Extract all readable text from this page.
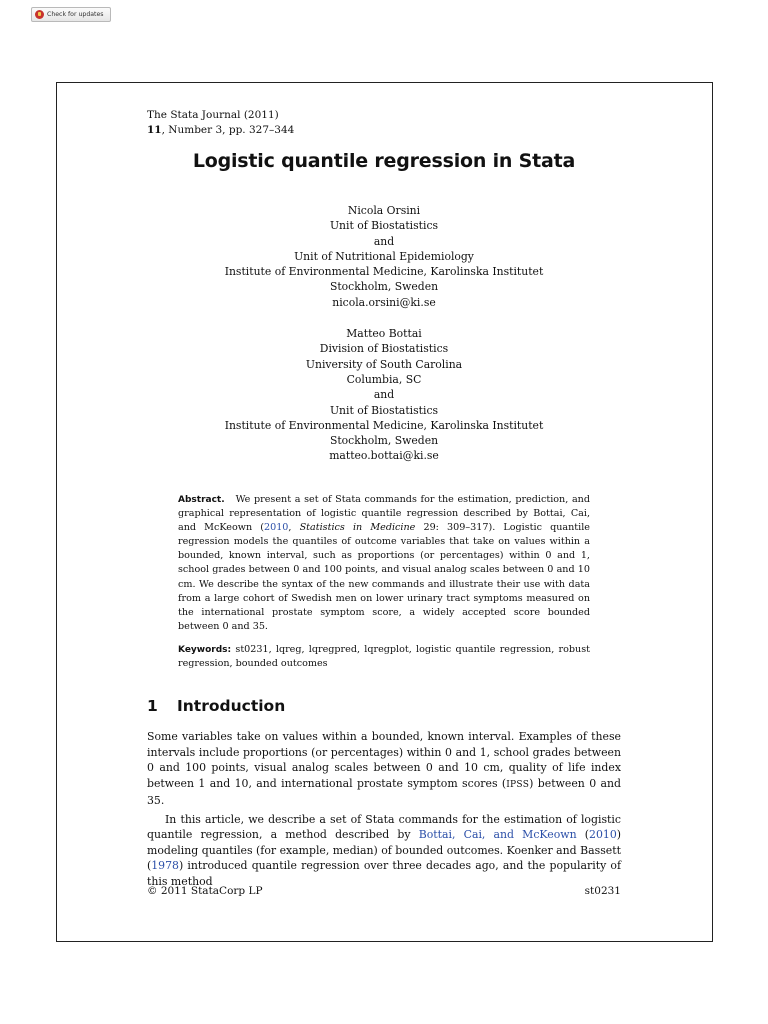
Check for updates
The Stata Journal (2011)
11, Number 3, pp. 327–344
Logistic quantile regression in Stata
Nicola Orsini
Unit of Biostatistics
and
Unit of Nutritional Epidemiology
Institute of Environmental Medicine, Karolinska Institutet
Stockholm, Sweden
nicola.orsini@ki.se
Matteo Bottai
Division of Biostatistics
University of South Carolina
Columbia, SC
and
Unit of Biostatistics
Institute of Environmental Medicine, Karolinska Institutet
Stockholm, Sweden
matteo.bottai@ki.se
Abstract. We present a set of Stata commands for the estimation, prediction, and graphical representation of logistic quantile regression described by Bottai, Cai, and McKeown (2010, Statistics in Medicine 29: 309–317). Logistic quantile regression models the quantiles of outcome variables that take on values within a bounded, known interval, such as proportions (or percentages) within 0 and 1, school grades between 0 and 100 points, and visual analog scales between 0 and 10 cm. We describe the syntax of the new commands and illustrate their use with data from a large cohort of Swedish men on lower urinary tract symptoms measured on the international prostate symptom score, a widely accepted score bounded between 0 and 35.
Keywords: st0231, lqreg, lqregpred, lqregplot, logistic quantile regression, robust regression, bounded outcomes
1 Introduction

Some variables take on values within a bounded, known interval. Examples of these intervals include proportions (or percentages) within 0 and 1, school grades between 0 and 100 points, visual analog scales between 0 and 10 cm, quality of life index between 1 and 10, and international prostate symptom scores (IPSS) between 0 and 35.

In this article, we describe a set of Stata commands for the estimation of logistic quantile regression, a method described by Bottai, Cai, and McKeown (2010) modeling quantiles (for example, median) of bounded outcomes. Koenker and Bassett (1978) introduced quantile regression over three decades ago, and the popularity of this method

© 2011 StataCorp LP	st0231
